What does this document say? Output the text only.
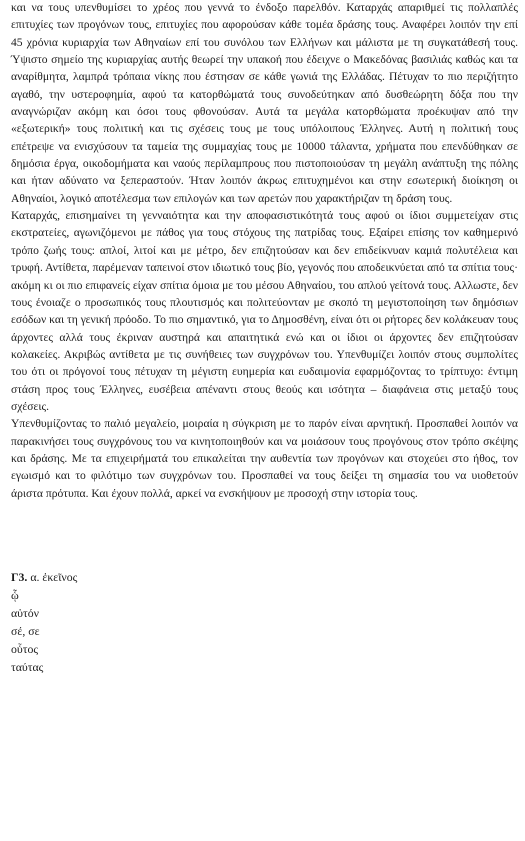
και να τους υπενθυμίσει το χρέος που γεννά το ένδοξο παρελθόν. Καταρχάς απαριθμεί τις πολλαπλές επιτυχίες των προγόνων τους, επιτυχίες που αφορούσαν κάθε τομέα δράσης τους. Αναφέρει λοιπόν την επί 45 χρόνια κυριαρχία των Αθηναίων επί του συνόλου των Ελλήνων και μάλιστα με τη συγκατάθεσή τους. Ύψιστο σημείο της κυριαρχίας αυτής θεωρεί την υπακοή που έδειχνε ο Μακεδόνας βασιλιάς καθώς και τα αναρίθμητα, λαμπρά τρόπαια νίκης που έστησαν σε κάθε γωνιά της Ελλάδας. Πέτυχαν το πιο περιζήτητο αγαθό, την υστεροφημία, αφού τα κατορθώματά τους συνοδεύτηκαν από δυσθεώρητη δόξα που την αναγνώριζαν ακόμη και όσοι τους φθονούσαν. Αυτά τα μεγάλα κατορθώματα προέκυψαν από την «εξωτερική» τους πολιτική και τις σχέσεις τους με τους υπόλοιπους Έλληνες. Αυτή η πολιτική τους επέτρεψε να ενισχύσουν τα ταμεία της συμμαχίας τους με 10000 τάλαντα, χρήματα που επενδύθηκαν σε δημόσια έργα, οικοδομήματα και ναούς περίλαμπρους που πιστοποιούσαν τη μεγάλη ανάπτυξη της πόλης και ήταν αδύνατο να ξεπεραστούν. Ήταν λοιπόν άκρως επιτυχημένοι και στην εσωτερική διοίκηση οι Αθηναίοι, λογικό αποτέλεσμα των επιλογών και των αρετών που χαρακτήριζαν τη δράση τους.

Καταρχάς, επισημαίνει τη γενναιότητα και την αποφασιστικότητά τους αφού οι ίδιοι συμμετείχαν στις εκστρατείες, αγωνιζόμενοι με πάθος για τους στόχους της πατρίδας τους. Εξαίρει επίσης τον καθημερινό τρόπο ζωής τους: απλοί, λιτοί και με μέτρο, δεν επιζητούσαν και δεν επιδείκνυαν καμιά πολυτέλεια και τρυφή. Αντίθετα, παρέμεναν ταπεινοί στον ιδιωτικό τους βίο, γεγονός που αποδεικνύεται από τα σπίτια τους· ακόμη κι οι πιο επιφανείς είχαν σπίτια όμοια με του μέσου Αθηναίου, του απλού γείτονά τους. Αλλωστε, δεν τους ένοιαζε ο προσωπικός τους πλουτισμός και πολιτεύονταν με σκοπό τη μεγιστοποίηση των δημόσιων εσόδων και τη γενική πρόοδο. Το πιο σημαντικό, για το Δημοσθένη, είναι ότι οι ρήτορες δεν κολάκευαν τους άρχοντες αλλά τους έκριναν αυστηρά και απαιτητικά ενώ και οι ίδιοι οι άρχοντες δεν επιζητούσαν κολακείες. Ακριβώς αντίθετα με τις συνήθειες των συγχρόνων του. Υπενθυμίζει λοιπόν στους συμπολίτες του ότι οι πρόγονοί τους πέτυχαν τη μέγιστη ευημερία και ευδαιμονία εφαρμόζοντας το τρίπτυχο: έντιμη στάση προς τους Έλληνες, ευσέβεια απέναντι στους θεούς και ισότητα – διαφάνεια στις μεταξύ τους σχέσεις.

Υπενθυμίζοντας το παλιό μεγαλείο, μοιραία η σύγκριση με το παρόν είναι αρνητική. Προσπαθεί λοιπόν να παρακινήσει τους συγχρόνους του να κινητοποιηθούν και να μοιάσουν τους προγόνους στον τρόπο σκέψης και δράσης. Με τα επιχειρήματά του επικαλείται την αυθεντία των προγόνων και στοχεύει στο ήθος, τον εγωισμό και το φιλότιμο των συγχρόνων του. Προσπαθεί να τους δείξει τη σημασία του να υιοθετούν άριστα πρότυπα. Και έχουν πολλά, αρκεί να ενσκήψουν με προσοχή στην ιστορία τους.

Γ3. α. ἐκεῖνος
ᾧ
αὐτόν
σέ, σε
οὗτος
ταύτας
